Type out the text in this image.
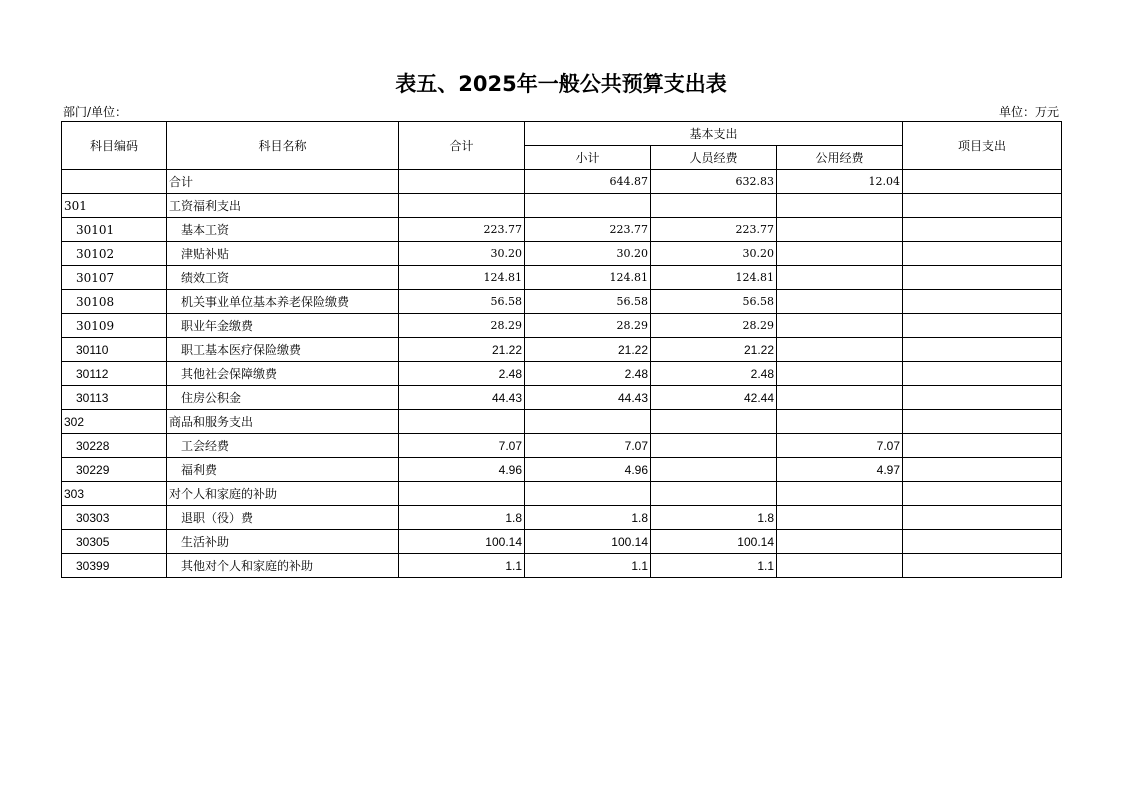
表五、2025年一般公共预算支出表
部门/单位：	单位：万元
科目编码	科目名称	合计	基本支出			项目支出
			小计	人员经费	公用经费	
	合计		644.87	632.83	12.04	
301	工资福利支出					
30101	基本工资	223.77	223.77	223.77		
30102	津贴补贴	30.20	30.20	30.20		
30107	绩效工资	124.81	124.81	124.81		
30108	机关事业单位基本养老保险缴费	56.58	56.58	56.58		
30109	职业年金缴费	28.29	28.29	28.29		
30110	职工基本医疗保险缴费	21.22	21.22	21.22		
30112	其他社会保障缴费	2.48	2.48	2.48		
30113	住房公积金	44.43	44.43	42.44		
302	商品和服务支出					
30228	工会经费	7.07	7.07		7.07	
30229	福利费	4.96	4.96		4.97	
303	对个人和家庭的补助					
30303	退职（役）费	1.8	1.8	1.8		
30305	生活补助	100.14	100.14	100.14		
30399	其他对个人和家庭的补助	1.1	1.1	1.1		
